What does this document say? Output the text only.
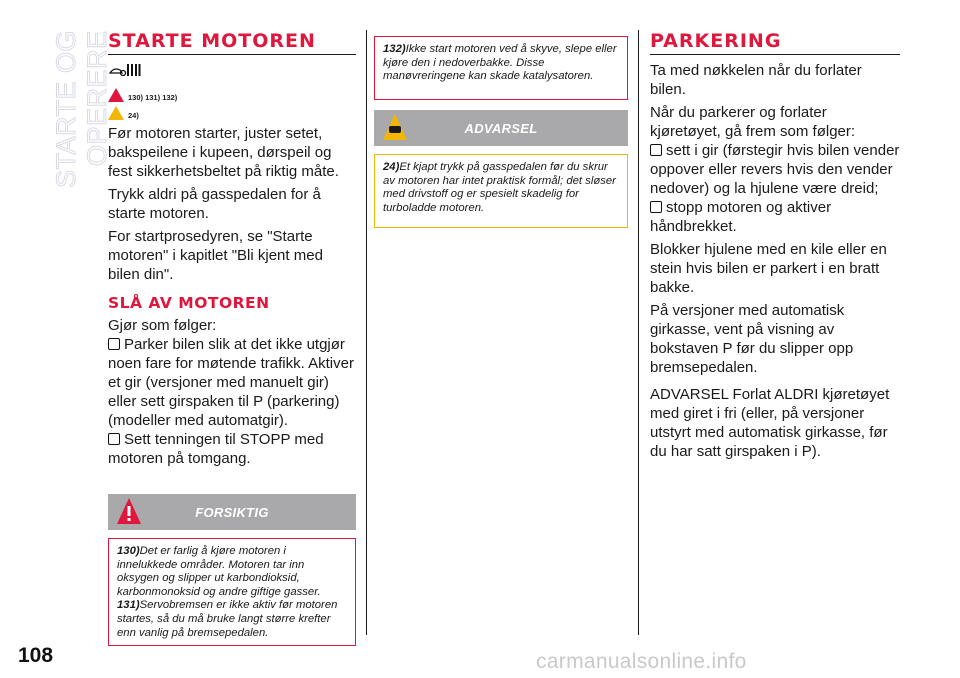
STARTE OG OPERERE
108	carmanualsonline.info
STARTE MOTOREN
130) 131) 132)
24)

Før motoren starter, juster setet, bakspeilene i kupeen, dørspeil og fest sikkerhetsbeltet på riktig måte.

Trykk aldri på gasspedalen for å starte motoren.

For startprosedyren, se "Starte motoren" i kapitlet "Bli kjent med bilen din".

SLÅ AV MOTOREN

Gjør som følger:

Parker bilen slik at det ikke utgjør noen fare for møtende trafikk. Aktiver et gir (versjoner med manuelt gir) eller sett girspaken til P (parkering) (modeller med automatgir).

Sett tenningen til STOPP med motoren på tomgang.

FORSIKTIG
130)Det er farlig å kjøre motoren i innelukkede områder. Motoren tar inn oksygen og slipper ut karbondioksid, karbonmonoksid og andre giftige gasser.
131)Servobremsen er ikke aktiv før motoren startes, så du må bruke langt større krefter enn vanlig på bremsepedalen.
132)Ikke start motoren ved å skyve, slepe eller kjøre den i nedoverbakke. Disse manøvreringene kan skade katalysatoren.
ADVARSEL
24)Et kjapt trykk på gasspedalen før du skrur av motoren har intet praktisk formål; det sløser med drivstoff og er spesielt skadelig for turboladde motoren.
PARKERING

Ta med nøkkelen når du forlater bilen.

Når du parkerer og forlater kjøretøyet, gå frem som følger:

sett i gir (førstegir hvis bilen vender oppover eller revers hvis den vender nedover) og la hjulene være dreid;

stopp motoren og aktiver håndbrekket.

Blokker hjulene med en kile eller en stein hvis bilen er parkert i en bratt bakke.

På versjoner med automatisk girkasse, vent på visning av bokstaven P før du slipper opp bremsepedalen.

ADVARSEL Forlat ALDRI kjøretøyet med giret i fri (eller, på versjoner utstyrt med automatisk girkasse, før du har satt girspaken i P).
